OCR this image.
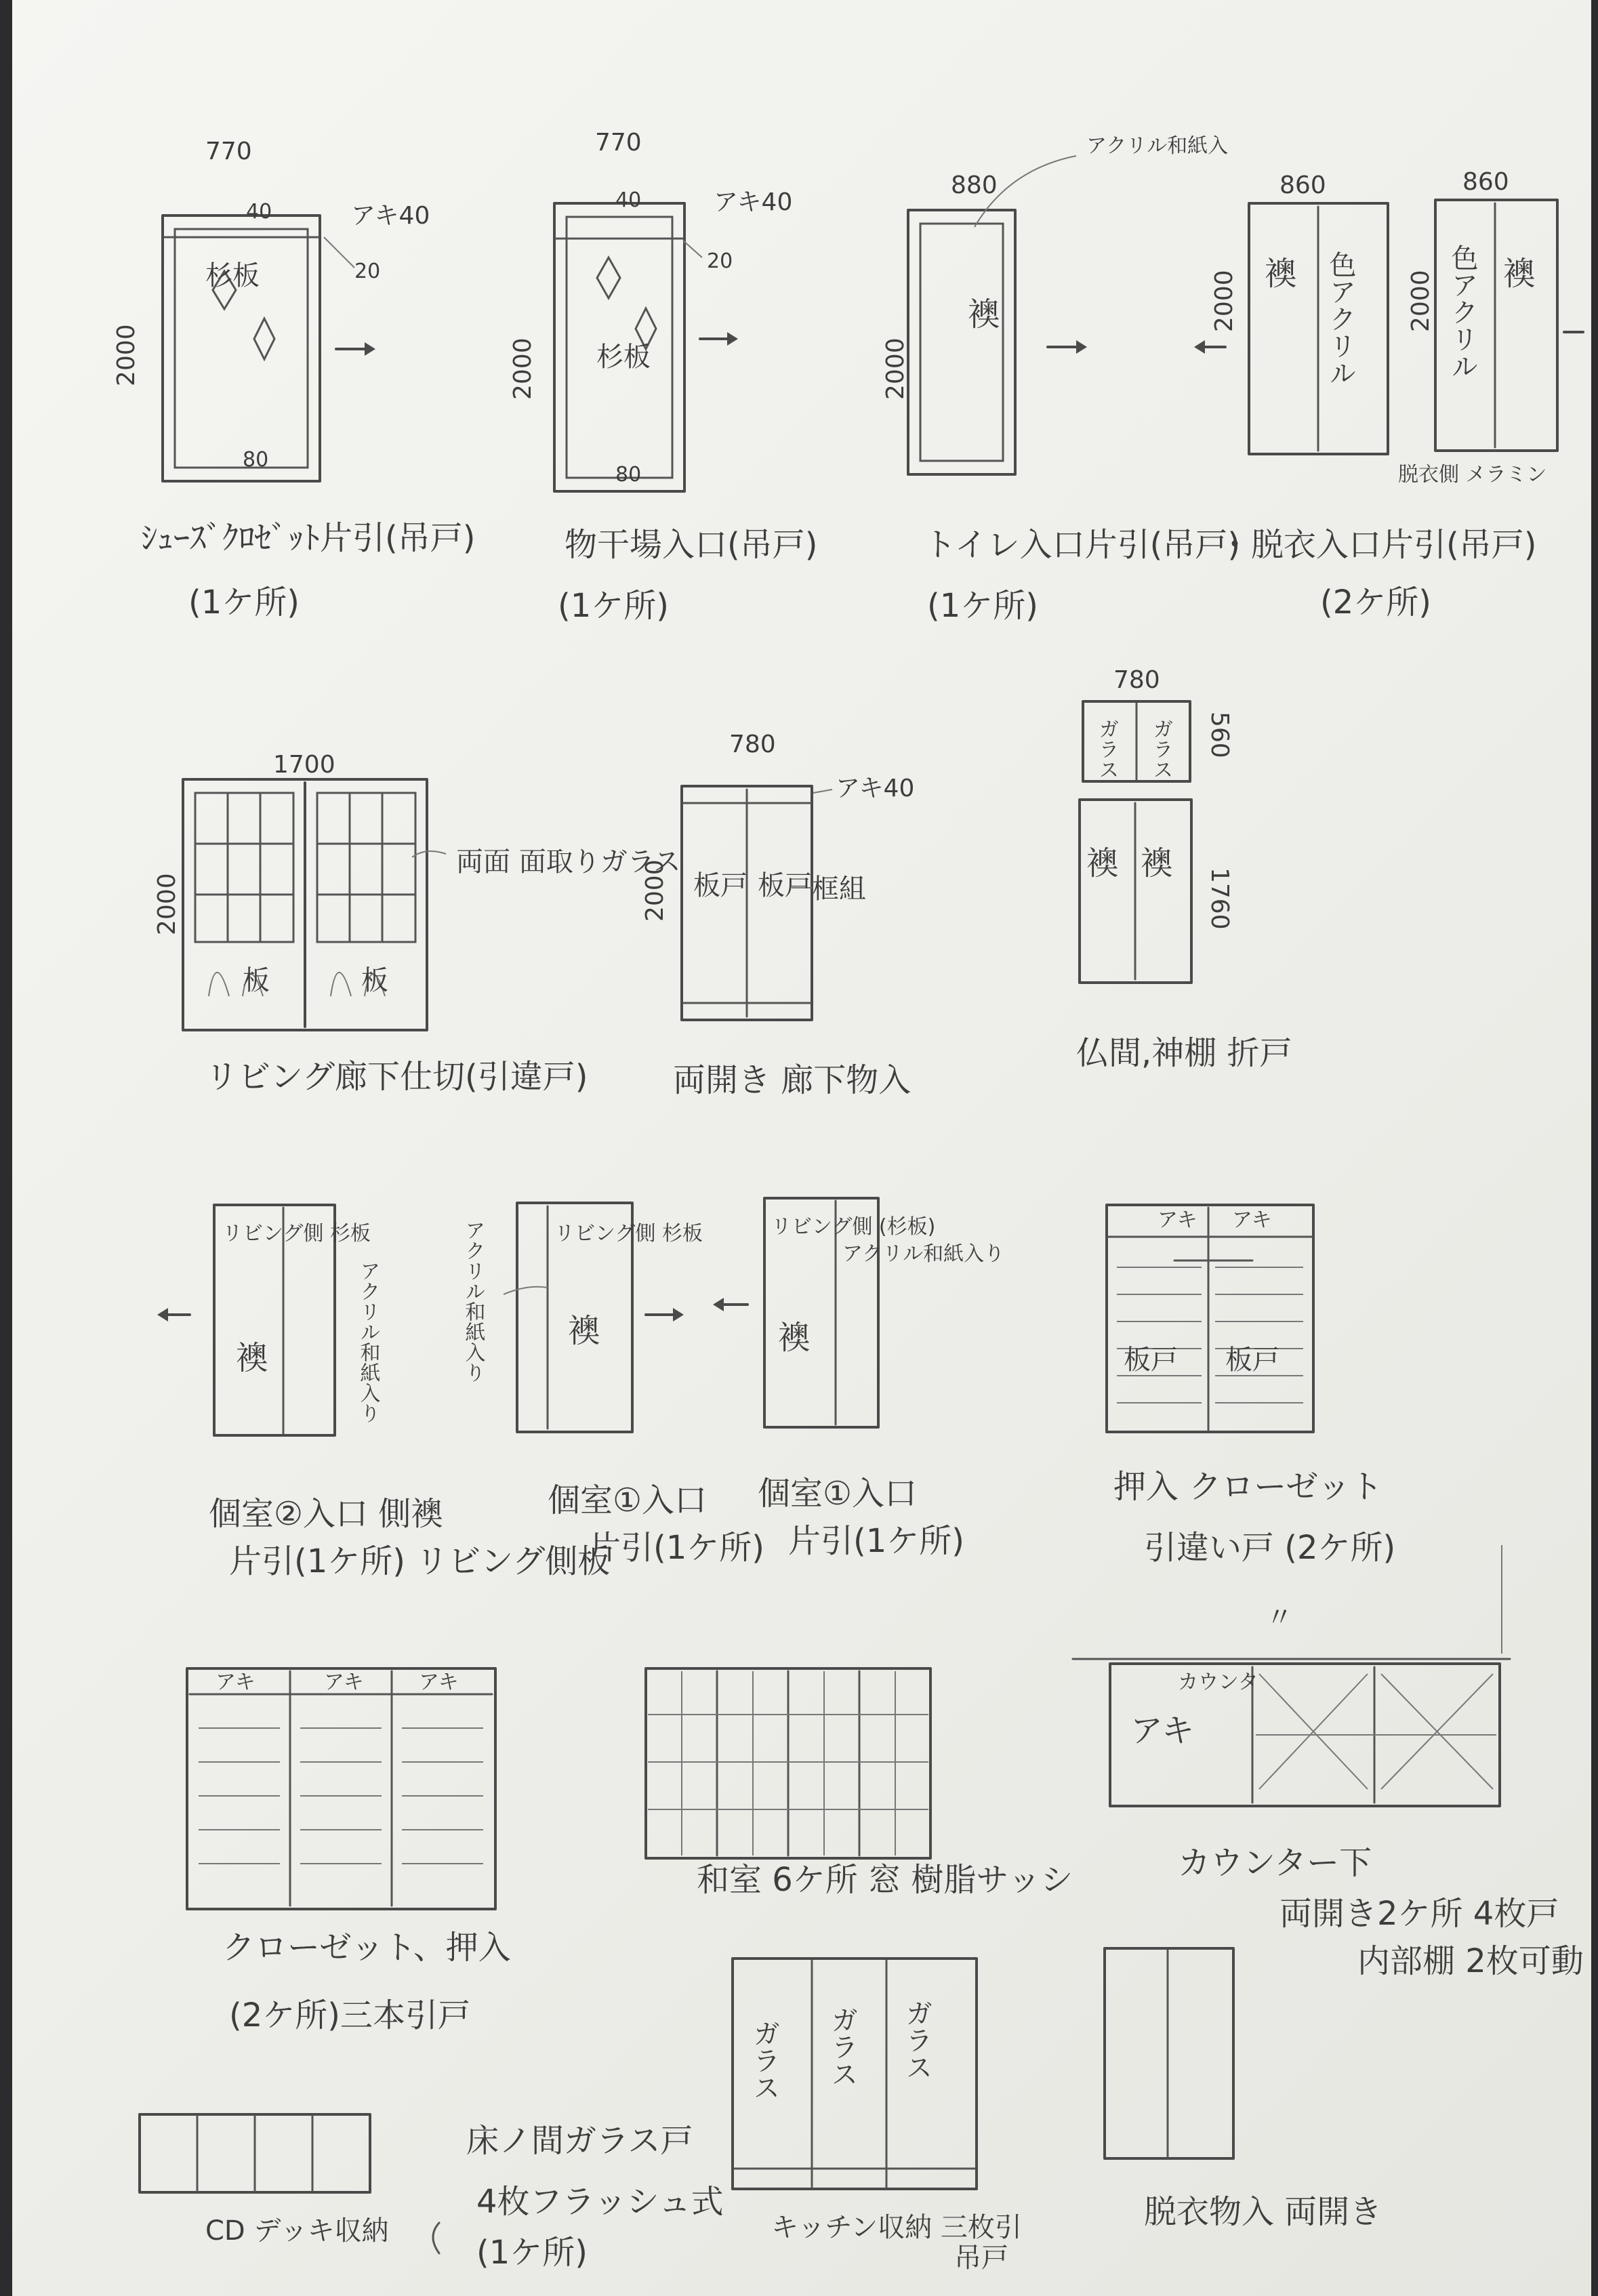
770
2000
アキ40
40
20
80
杉板
ｼｭｰｽﾞｸﾛｾﾞｯﾄ片引(吊戸)
(1ケ所)
770
2000
アキ40
40
20
80
杉板
物干場入口(吊戸)
(1ケ所)
880
2000
アクリル和紙入
襖
トイレ入口片引(吊戸)
(1ケ所)
860
2000
860
2000
襖 色アクリル	色アクリル 襖
脱衣側 メラミン
・脱衣入口片引(吊戸)
(2ケ所)
1700
2000
両面 面取りガラス
板	板
リビング廊下仕切(引違戸)
780
2000
アキ40
板戸 板戸 框組
両開き 廊下物入
780
560
1760
ガラス ガラス
襖 襖
仏間,神棚 折戸
リビング側 杉板
襖	アクリル和紙入り
個室②入口 側襖
片引(1ケ所) リビング側板
リビング側 杉板
襖
アクリル和紙入り
個室①入口
片引(1ケ所)
リビング側 (杉板)
襖
アクリル和紙入り
個室①入口
片引(1ケ所)
アキ アキ
板戸 板戸
押入 クローゼット
引違い戸 (2ケ所)
アキ	アキ	アキ
クローゼット、押入
(2ケ所)三本引戸
和室 6ケ所 窓 樹脂サッシ
カウンタ
アキ
〃
カウンター下
両開き2ケ所 4枚戸
内部棚 2枚可動
CD デッキ収納
床ノ間ガラス戸
4枚フラッシュ式
(1ケ所)
ガラス ガラス ガラス
キッチン収納 三枚引
吊戸
脱衣物入 両開き
